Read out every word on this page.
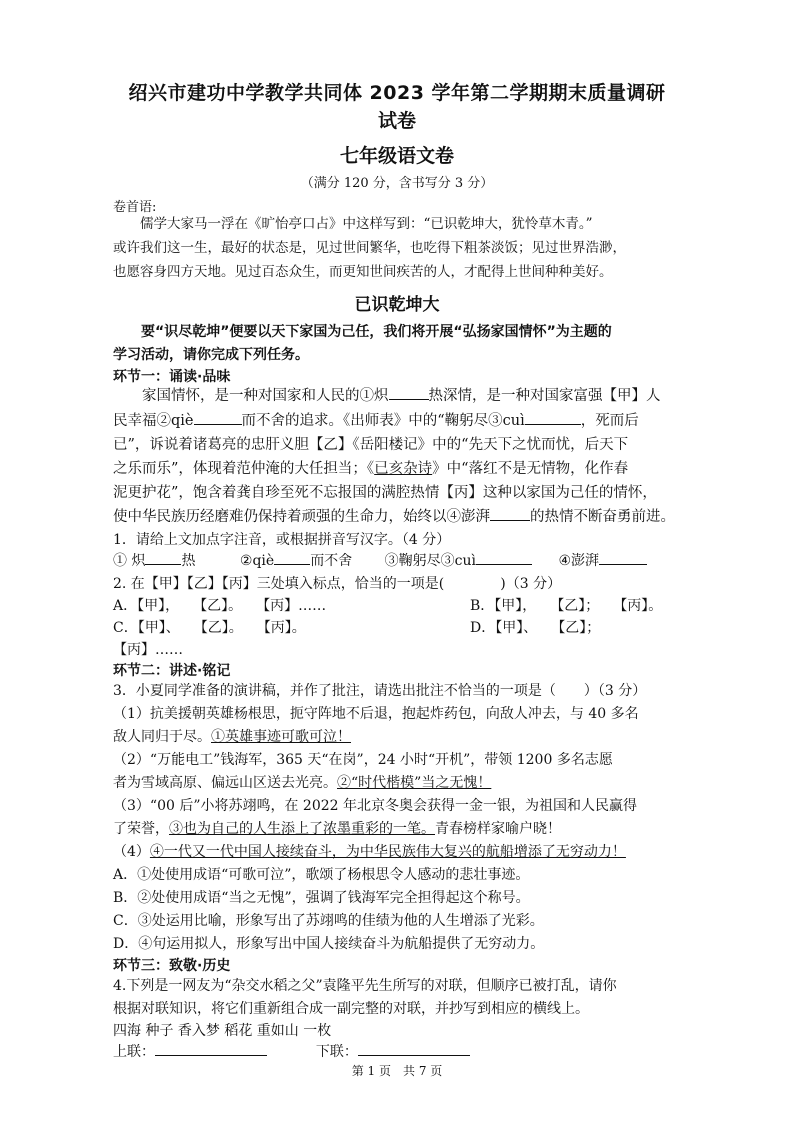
绍兴市建功中学教学共同体 2023 学年第二学期期末质量调研
试卷
七年级语文卷
（满分 120 分，含书写分 3 分）
卷首语:
　　儒学大家马一浮在《旷怡亭口占》中这样写到：“已识乾坤大，犹怜草木青。”
或许我们这一生，最好的状态是，见过世间繁华，也吃得下粗茶淡饭；见过世界浩渺，
也愿容身四方天地。见过百态众生，而更知世间疾苦的人，才配得上世间种种美好。
已识乾坤大
　　要“识尽乾坤”便要以天下家国为己任，我们将开展“弘扬家国情怀”为主题的
学习活动，请你完成下列任务。
环节一：诵读·品味
　　家国情怀，是一种对国家和人民的①炽	热深情，是一种对国家富强【甲】人
民幸福②qiè	而不舍的追求。《出师表》中的“鞠躬尽③cuì	，死而后
已”，诉说着诸葛亮的忠肝义胆【乙】《岳阳楼记》中的“先天下之忧而忧，后天下
之乐而乐”，体现着范仲淹的大任担当；《已亥杂诗》中“落红不是无情物，化作春
泥更护花”，饱含着龚自珍至死不忘报国的满腔热情【丙】这种以家国为己任的情怀，
使中华民族历经磨难仍保持着顽强的生命力，始终以④澎湃	的热情不断奋勇前进。
1．请给上文加点字注音，或根据拼音写汉字。（4 分）
① 炽	热	②qiè	而不舍 ③鞠躬尽③cuì	④澎湃
2. 在【甲】【乙】【丙】三处填入标点，恰当的一项是(　　　　)（3 分）
A．【甲】，　　【乙】。　　【丙】……	B．【甲】，　　【乙】；　　【丙】。
C．【甲】、　　【乙】。　　【丙】。	D．【甲】、　　【乙】；
【丙】……
环节二：讲述·铭记
3．小夏同学准备的演讲稿，并作了批注，请选出批注不恰当的一项是（　　）（3 分）
（1）抗美援朝英雄杨根思，扼守阵地不后退，抱起炸药包，向敌人冲去，与 40 多名
敌人同归于尽。①英雄事迹可歌可泣！
（2）“万能电工”钱海军，365 天“在岗”，24 小时“开机”，带领 1200 多名志愿
者为雪域高原、偏远山区送去光亮。②“时代楷模”当之无愧！
（3）“00 后”小将苏翊鸣，在 2022 年北京冬奥会获得一金一银，为祖国和人民赢得
了荣誉，③也为自己的人生添上了浓墨重彩的一笔。青春榜样家喻户晓！
（4）④一代又一代中国人接续奋斗，为中华民族伟大复兴的航船增添了无穷动力！
A．①处使用成语“可歌可泣”，歌颂了杨根思令人感动的悲壮事迹。
B．②处使用成语“当之无愧”，强调了钱海军完全担得起这个称号。
C．③处运用比喻，形象写出了苏翊鸣的佳绩为他的人生增添了光彩。
D．④句运用拟人，形象写出中国人接续奋斗为航船提供了无穷动力。
环节三：致敬·历史
4.下列是一网友为“杂交水稻之父”袁隆平先生所写的对联，但顺序已被打乱，请你
根据对联知识，将它们重新组合成一副完整的对联，并抄写到相应的横线上。
四海 种子 香入梦 稻花 重如山 一枚
上联：	下联：
第 1 页　共 7 页
